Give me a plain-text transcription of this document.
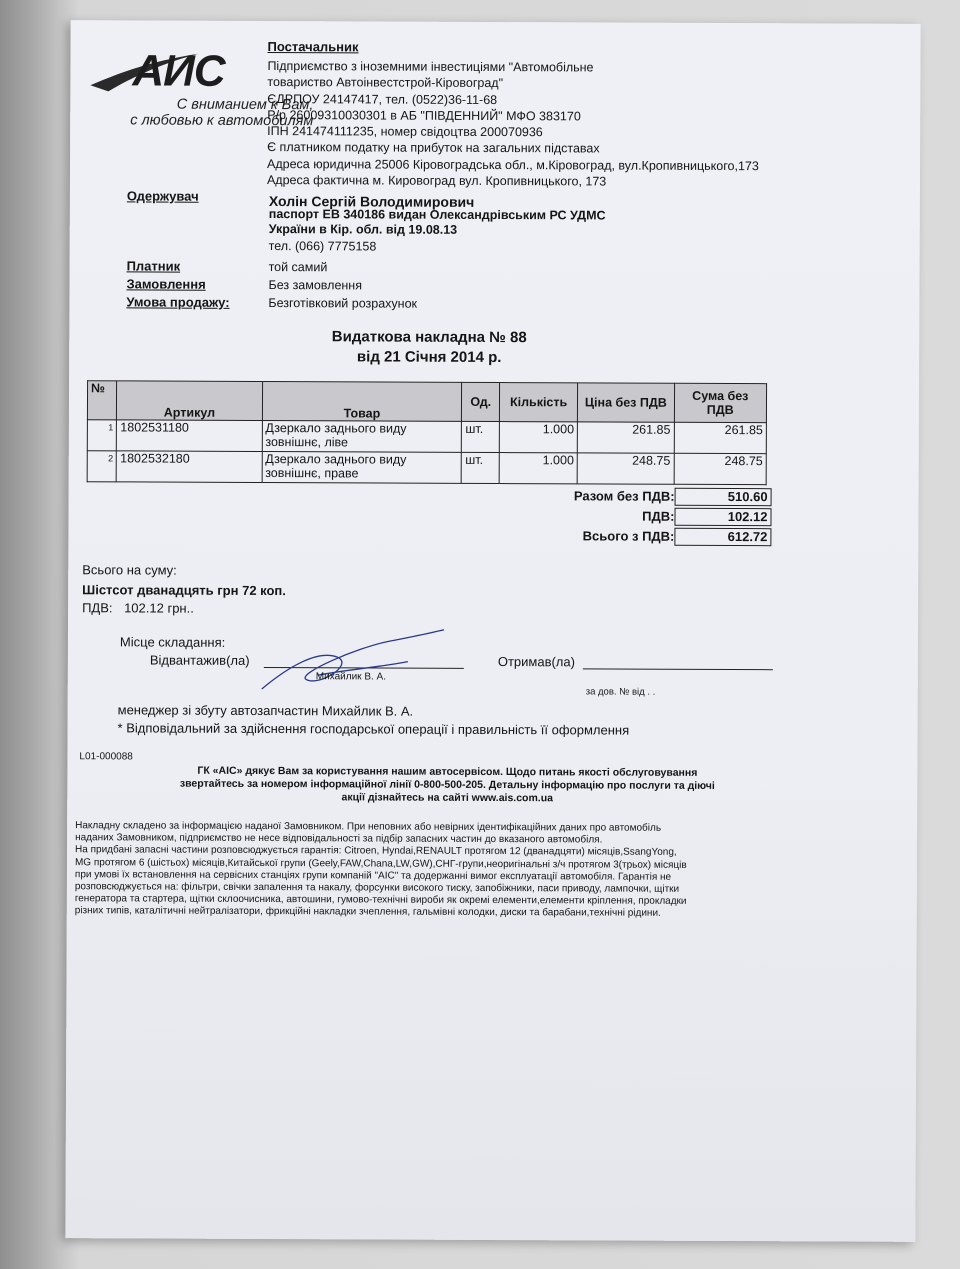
АИС
С вниманием к Вам,
с любовью к автомобилям
Постачальник
Підприємство з іноземними інвестиціями "Автомобільне
товариство Автоінвестстрой-Кіровоград"
ЄДРПОУ 24147417, тел. (0522)36-11-68
Р/р 26009310030301 в АБ "ПІВДЕННИЙ" МФО 383170
ІПН 241474111235, номер свідоцтва 200070936
Є платником податку на прибуток на загальних підставах
Адреса юридична 25006 Кіровоградська обл., м.Кіровоград, вул.Кропивницького,173
Адреса фактична м. Кировоград вул. Кропивницького, 173
Одержувач	Холін Сергій Володимирович
паспорт ЕВ 340186 видан Олександрівським РС УДМС
України в Кір. обл. від 19.08.13
тел. (066) 7775158
Платник	той самий
Замовлення	Без замовлення
Умова продажу:	Безготівковий розрахунок
Видаткова накладна № 88
від 21 Січня 2014 р.
№	Артикул	Товар	Од.	Кількість	Ціна без ПДВ	Сума без ПДВ
1	1802531180	Дзеркало заднього виду
зовнішнє, ліве	шт.	1.000	261.85	261.85
2	1802532180	Дзеркало заднього виду
зовнішнє, праве	шт.	1.000	248.75	248.75
Разом без ПДВ:	510.60
ПДВ:	102.12
Всього з ПДВ:	612.72
Всього на суму:
Шістсот дванадцять грн 72 коп.
ПДВ: 102.12 грн..
Місце складання:
Відвантажив(ла)
Михайлик В. А.
Отримав(ла)
за дов. № від . .
менеджер зі збуту автозапчастин Михайлик В. А.
* Відповідальний за здійснення господарської операції і правильність її оформлення
L01-000088
ГК «АІС» дякує Вам за користування нашим автосервісом. Щодо питань якості обслуговування звертайтесь за номером інформаційної лінії 0-800-500-205. Детальну інформацію про послуги та діючі акції дізнайтесь на сайті www.ais.com.ua
Накладну складено за інформацією наданої Замовником. При неповних або невірних ідентифікаційних даних про автомобіль наданих Замовником, підприємство не несе відповідальності за підбір запасних частин до вказаного автомобіля.
На придбані запасні частини розповсюджується гарантія: Citroen, Hyndai,RENAULT протягом 12 (дванадцяти) місяців,SsangYong, MG протягом 6 (шістьох) місяців,Китайської групи (Geely,FAW,Chana,LW,GW),СНГ-групи,неоригінальні з/ч протягом 3(трьох) місяців при умові їх встановлення на сервісних станціях групи компаній "АІС" та додержанні вимог експлуатації автомобіля. Гарантія не розповсюджується на: фільтри, свічки запалення та накалу, форсунки високого тиску, запобіжники, паси приводу, лампочки, щітки генератора та стартера, щітки склоочисника, автошини, гумово-технічні вироби як окремі елементи,елементи кріплення, прокладки різних типів, каталітичні нейтралізатори, фрикційні накладки зчеплення, гальмівні колодки, диски та барабани,технічні рідини.
